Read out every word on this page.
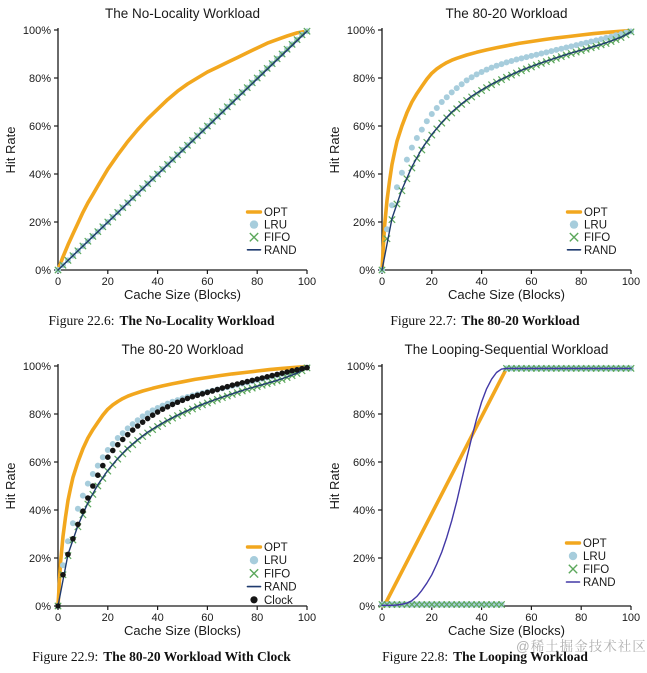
The No-Locality Workload
Hit Rate
Cache Size (Blocks)
0%
20%
40%
60%
80%
100%
0	20	40	60	80	100
OPT
LRU
FIFO
RAND
Figure 22.6: The No-Locality Workload
The 80-20 Workload
Hit Rate
Cache Size (Blocks)
0%
20%
40%
60%
80%
100%
0	20	40	60	80	100
OPT
LRU
FIFO
RAND
Figure 22.7: The 80-20 Workload
The 80-20 Workload
Hit Rate
Cache Size (Blocks)
0%
20%
40%
60%
80%
100%
0	20	40	60	80	100
OPT
LRU
FIFO
RAND
Clock
Figure 22.9: The 80-20 Workload With Clock
The Looping-Sequential Workload
Hit Rate
Cache Size (Blocks)
0%
20%
40%
60%
80%
100%
0	20	40	60	80	100
OPT
LRU
FIFO
RAND
Figure 22.8: The Looping Workload
@稀土掘金技术社区
